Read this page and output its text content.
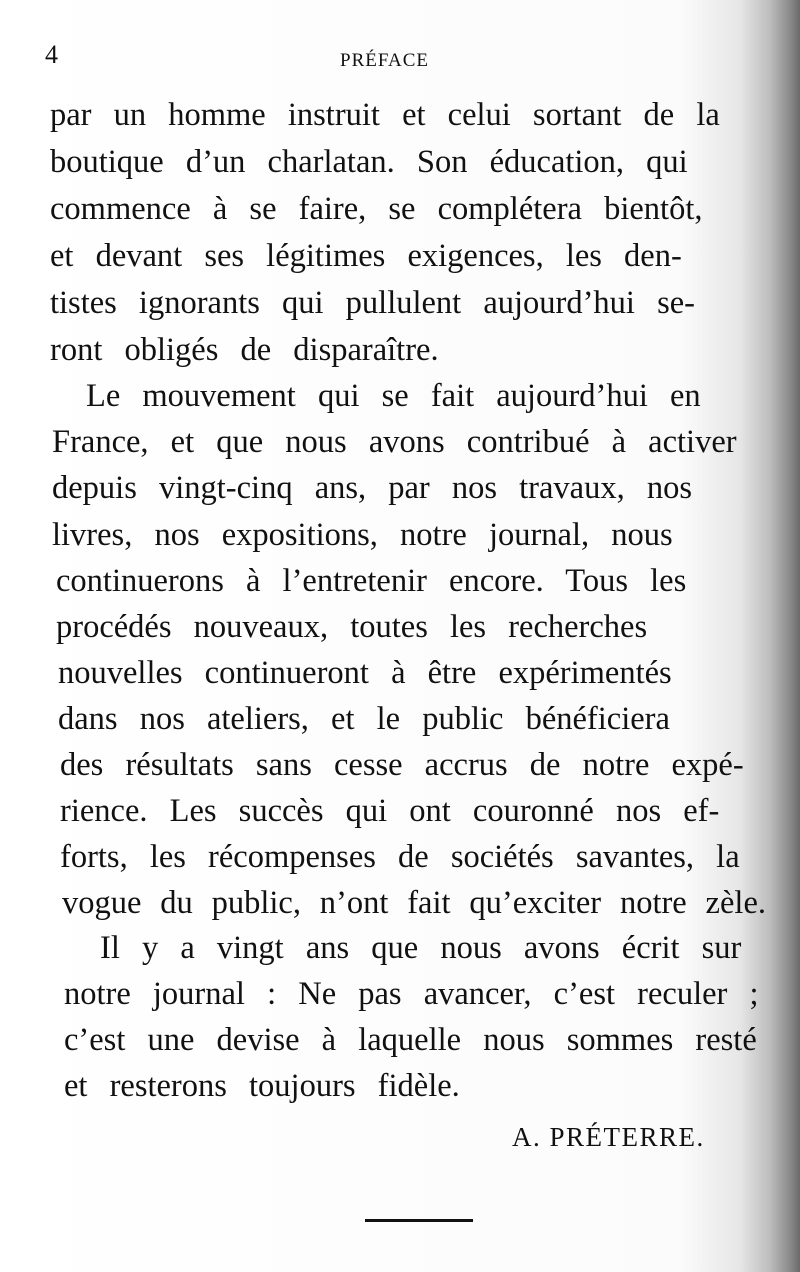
4	PRÉFACE
par un homme instruit et celui sortant de la
boutique d’un charlatan. Son éducation, qui
commence à se faire, se complétera bientôt,
et devant ses légitimes exigences, les den-
tistes ignorants qui pullulent aujourd’hui se-
ront obligés de disparaître.
Le mouvement qui se fait aujourd’hui en
France, et que nous avons contribué à activer
depuis vingt-cinq ans, par nos travaux, nos
livres, nos expositions, notre journal, nous
continuerons à l’entretenir encore. Tous les
procédés nouveaux, toutes les recherches
nouvelles continueront à être expérimentés
dans nos ateliers, et le public bénéficiera
des résultats sans cesse accrus de notre expé-
rience. Les succès qui ont couronné nos ef-
forts, les récompenses de sociétés savantes, la
vogue du public, n’ont fait qu’exciter notre zèle.
Il y a vingt ans que nous avons écrit sur
notre journal : Ne pas avancer, c’est reculer ;
c’est une devise à laquelle nous sommes resté
et resterons toujours fidèle.
A. PRÉTERRE.
